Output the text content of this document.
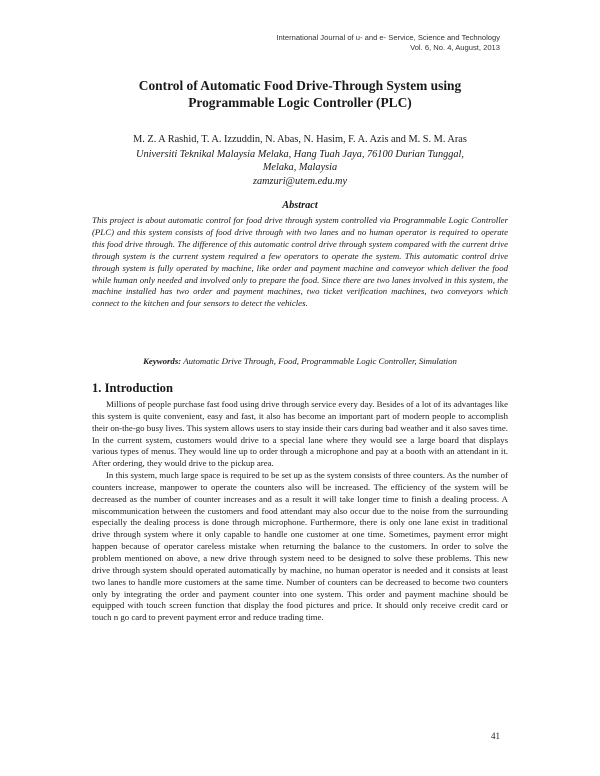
International Journal of u- and e- Service, Science and Technology
Vol. 6, No. 4, August, 2013
Control of Automatic Food Drive-Through System using
Programmable Logic Controller (PLC)
M. Z. A Rashid, T. A. Izzuddin, N. Abas, N. Hasim, F. A. Azis and M. S. M. Aras
Universiti Teknikal Malaysia Melaka, Hang Tuah Jaya, 76100 Durian Tunggal,
Melaka, Malaysia
zamzuri@utem.edu.my
Abstract

This project is about automatic control for food drive through system controlled via Programmable Logic Controller (PLC) and this system consists of food drive through with two lanes and no human operator is required to operate this food drive through. The difference of this automatic control drive through system compared with the current drive through system is the current system required a few operators to operate the system. This automatic control drive through system is fully operated by machine, like order and payment machine and conveyor which deliver the food while human only needed and involved only to prepare the food. Since there are two lanes involved in this system, the machine installed has two order and payment machines, two ticket verification machines, two conveyors which connect to the kitchen and four sensors to detect the vehicles.

Keywords: Automatic Drive Through, Food, Programmable Logic Controller, Simulation
1. Introduction

Millions of people purchase fast food using drive through service every day. Besides of a lot of its advantages like this system is quite convenient, easy and fast, it also has become an important part of modern people to accomplish their on-the-go busy lives. This system allows users to stay inside their cars during bad weather and it also saves time. In the current system, customers would drive to a special lane where they would see a large board that displays various types of menus. They would line up to order through a microphone and pay at a booth with an attendant in it. After ordering, they would drive to the pickup area.

In this system, much large space is required to be set up as the system consists of three counters. As the number of counters increase, manpower to operate the counters also will be increased. The efficiency of the system will be decreased as the number of counter increases and as a result it will take longer time to finish a dealing process. A miscommunication between the customers and food attendant may also occur due to the noise from the surrounding especially the dealing process is done through microphone. Furthermore, there is only one lane exist in traditional drive through system where it only capable to handle one customer at one time. Sometimes, payment error might happen because of operator careless mistake when returning the balance to the customers. In order to solve the problem mentioned on above, a new drive through system need to be designed to solve these problems. This new drive through system should operated automatically by machine, no human operator is needed and it consists at least two lanes to handle more customers at the same time. Number of counters can be decreased to become two counters only by integrating the order and payment counter into one system. This order and payment machine should be equipped with touch screen function that display the food pictures and price. It should only receive credit card or touch n go card to prevent payment error and reduce trading time.

41
